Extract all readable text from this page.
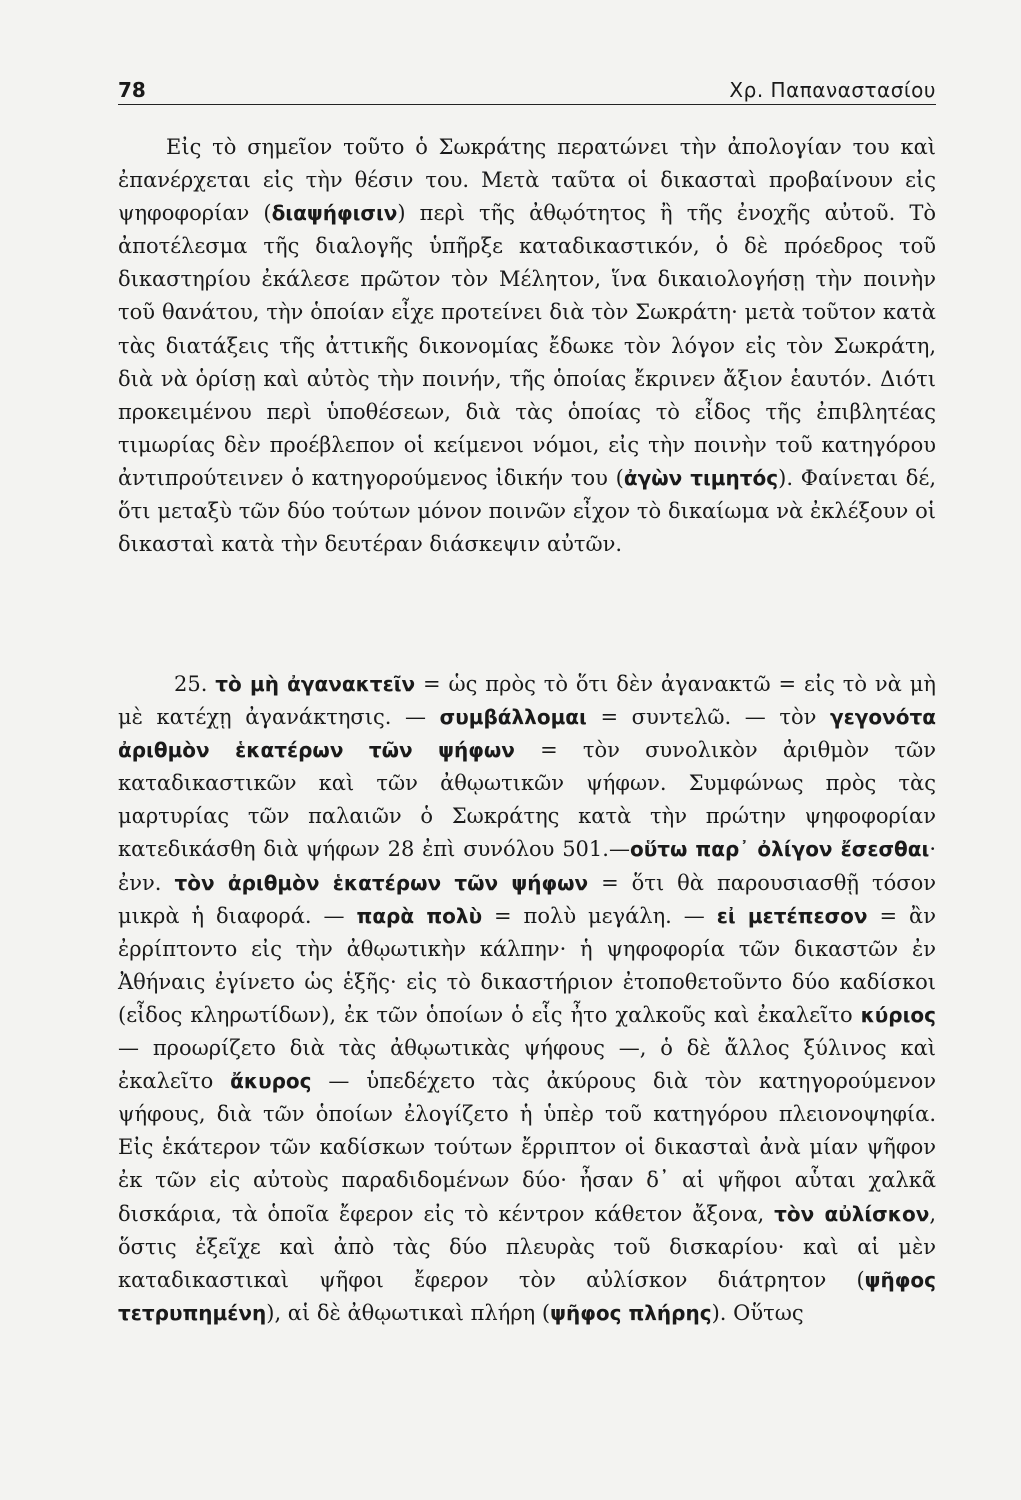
78	Χρ. Παπαναστασίου

Εἰς τὸ σημεῖον τοῦτο ὁ Σωκράτης περατώνει τὴν ἀπολογίαν του καὶ ἐπανέρχεται εἰς τὴν θέσιν του. Μετὰ ταῦτα οἱ δικασταὶ προβαίνουν εἰς ψηφοφορίαν (διαψήφισιν) περὶ τῆς ἀθῳότητος ἢ τῆς ἐνοχῆς αὐτοῦ. Τὸ ἀποτέλεσμα τῆς διαλογῆς ὑπῆρξε καταδικαστικόν, ὁ δὲ πρόεδρος τοῦ δικαστηρίου ἐκάλεσε πρῶτον τὸν Μέλητον, ἵνα δικαιολογήσῃ τὴν ποινὴν τοῦ θανάτου, τὴν ὁποίαν εἶχε προτείνει διὰ τὸν Σωκράτη· μετὰ τοῦτον κατὰ τὰς διατάξεις τῆς ἀττικῆς δικονομίας ἔδωκε τὸν λόγον εἰς τὸν Σωκράτη, διὰ νὰ ὁρίσῃ καὶ αὐτὸς τὴν ποινήν, τῆς ὁποίας ἔκρινεν ἄξιον ἑαυτόν. Διότι προκειμένου περὶ ὑποθέσεων, διὰ τὰς ὁποίας τὸ εἶδος τῆς ἐπιβλητέας τιμωρίας δὲν προέβλεπον οἱ κείμενοι νόμοι, εἰς τὴν ποινὴν τοῦ κατηγόρου ἀντιπρούτεινεν ὁ κατηγορούμενος ἰδικήν του (ἀγὼν τιμητός). Φαίνεται δέ, ὅτι μεταξὺ τῶν δύο τούτων μόνον ποινῶν εἶχον τὸ δικαίωμα νὰ ἐκλέξουν οἱ δικασταὶ κατὰ τὴν δευτέραν διάσκεψιν αὐτῶν.

25. τὸ μὴ ἀγανακτεῖν = ὡς πρὸς τὸ ὅτι δὲν ἀγανακτῶ = εἰς τὸ νὰ μὴ μὲ κατέχῃ ἀγανάκτησις. — συμβάλλομαι = συντελῶ. — τὸν γεγονότα ἀριθμὸν ἑκατέρων τῶν ψήφων = τὸν συνολικὸν ἀριθμὸν τῶν καταδικαστικῶν καὶ τῶν ἀθῳωτικῶν ψήφων. Συμφώνως πρὸς τὰς μαρτυρίας τῶν παλαιῶν ὁ Σωκράτης κατὰ τὴν πρώτην ψηφοφορίαν κατεδικάσθη διὰ ψήφων 28 ἐπὶ συνόλου 501.—οὕτω παρ᾽ ὀλίγον ἔσεσθαι· ἐνν. τὸν ἀριθμὸν ἑκατέρων τῶν ψήφων = ὅτι θὰ παρουσιασθῇ τόσον μικρὰ ἡ διαφορά. — παρὰ πολὺ = πολὺ μεγάλη. — εἰ μετέπεσον = ἂν ἐρρίπτοντο εἰς τὴν ἀθῳωτικὴν κάλπην· ἡ ψηφοφορία τῶν δικαστῶν ἐν Ἀθήναις ἐγίνετο ὡς ἑξῆς· εἰς τὸ δικαστήριον ἐτοποθετοῦντο δύο καδίσκοι (εἶδος κληρωτίδων), ἐκ τῶν ὁποίων ὁ εἷς ἦτο χαλκοῦς καὶ ἐκαλεῖτο κύριος — προωρίζετο διὰ τὰς ἀθῳωτικὰς ψήφους —, ὁ δὲ ἄλλος ξύλινος καὶ ἐκαλεῖτο ἄκυρος — ὑπεδέχετο τὰς ἀκύρους διὰ τὸν κατηγορούμενον ψήφους, διὰ τῶν ὁποίων ἐλογίζετο ἡ ὑπὲρ τοῦ κατηγόρου πλειονοψηφία. Εἰς ἑκάτερον τῶν καδίσκων τούτων ἔρριπτον οἱ δικασταὶ ἀνὰ μίαν ψῆφον ἐκ τῶν εἰς αὐτοὺς παραδιδομένων δύο· ἦσαν δ᾽ αἱ ψῆφοι αὗται χαλκᾶ δισκάρια, τὰ ὁποῖα ἔφερον εἰς τὸ κέντρον κάθετον ἄξονα, τὸν αὐλίσκον, ὅστις ἐξεῖχε καὶ ἀπὸ τὰς δύο πλευρὰς τοῦ δισκαρίου· καὶ αἱ μὲν καταδικαστικαὶ ψῆφοι ἔφερον τὸν αὐλίσκον διάτρητον (ψῆφος τετρυπημένη), αἱ δὲ ἀθῳωτικαὶ πλήρη (ψῆφος πλήρης). Οὕτως
